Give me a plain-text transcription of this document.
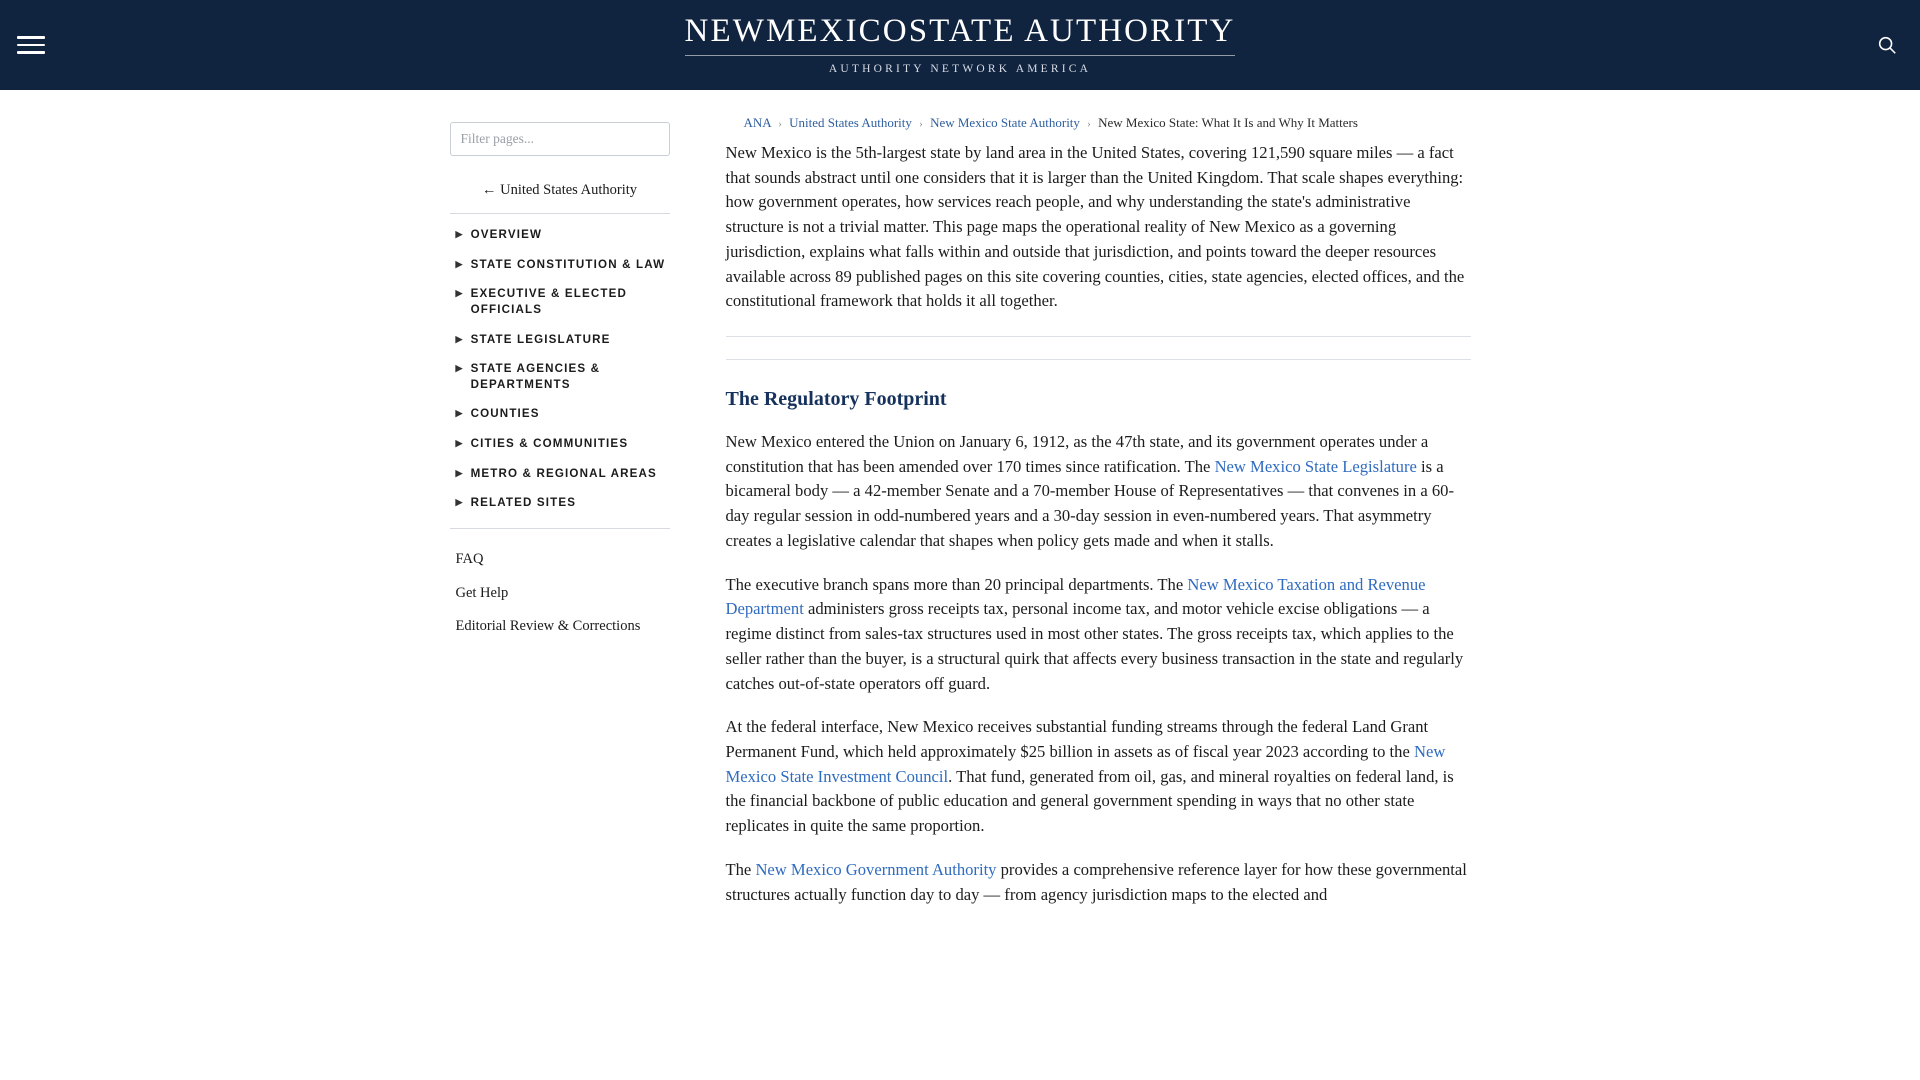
NEWMEXICOSTATE AUTHORITY
AUTHORITY NETWORK AMERICA
Filter pages...
← United States Authority
▶ OVERVIEW
▶ STATE CONSTITUTION & LAW
▶ EXECUTIVE & ELECTED OFFICIALS
▶ STATE LEGISLATURE
▶ STATE AGENCIES & DEPARTMENTS
▶ COUNTIES
▶ CITIES & COMMUNITIES
▶ METRO & REGIONAL AREAS
▶ RELATED SITES
FAQ
Get Help
Editorial Review & Corrections
ANA › United States Authority › New Mexico State Authority › New Mexico State: What It Is and Why It Matters

New Mexico is the 5th-largest state by land area in the United States, covering 121,590 square miles — a fact that sounds abstract until one considers that it is larger than the United Kingdom. That scale shapes everything: how government operates, how services reach people, and why understanding the state's administrative structure is not a trivial matter. This page maps the operational reality of New Mexico as a governing jurisdiction, explains what falls within and outside that jurisdiction, and points toward the deeper resources available across 89 published pages on this site covering counties, cities, state agencies, elected offices, and the constitutional framework that holds it all together.

The Regulatory Footprint

New Mexico entered the Union on January 6, 1912, as the 47th state, and its government operates under a constitution that has been amended over 170 times since ratification. The New Mexico State Legislature is a bicameral body — a 42-member Senate and a 70-member House of Representatives — that convenes in a 60-day regular session in odd-numbered years and a 30-day session in even-numbered years. That asymmetry creates a legislative calendar that shapes when policy gets made and when it stalls.

The executive branch spans more than 20 principal departments. The New Mexico Taxation and Revenue Department administers gross receipts tax, personal income tax, and motor vehicle excise obligations — a regime distinct from sales-tax structures used in most other states. The gross receipts tax, which applies to the seller rather than the buyer, is a structural quirk that affects every business transaction in the state and regularly catches out-of-state operators off guard.

At the federal interface, New Mexico receives substantial funding streams through the federal Land Grant Permanent Fund, which held approximately $25 billion in assets as of fiscal year 2023 according to the New Mexico State Investment Council. That fund, generated from oil, gas, and mineral royalties on federal land, is the financial backbone of public education and general government spending in ways that no other state replicates in quite the same proportion.

The New Mexico Government Authority provides a comprehensive reference layer for how these governmental structures actually function day to day — from agency jurisdiction maps to the elected and
